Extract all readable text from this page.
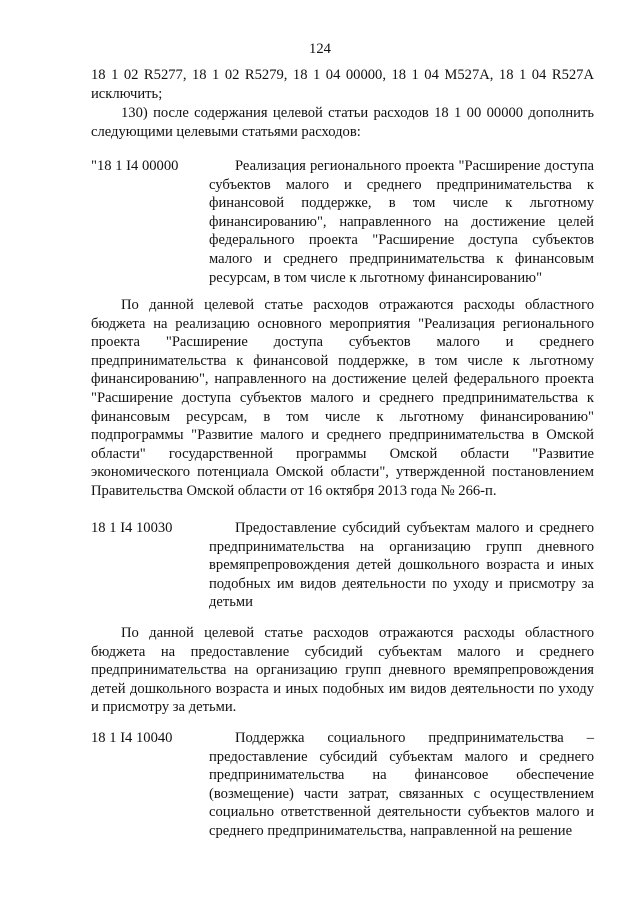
124

18 1 02 R5277, 18 1 02 R5279, 18 1 04 00000, 18 1 04 M527A, 18 1 04 R527A исключить;

130) после содержания целевой статьи расходов 18 1 00 00000 дополнить следующими целевыми статьями расходов:

"18 1 I4 00000	Реализация регионального проекта "Расширение доступа субъектов малого и среднего предпринимательства к финансовой поддержке, в том числе к льготному финансированию", направленного на достижение целей федерального проекта "Расширение доступа субъектов малого и среднего предпринимательства к финансовым ресурсам, в том числе к льготному финансированию"

По данной целевой статье расходов отражаются расходы областного бюджета на реализацию основного мероприятия "Реализация регионального проекта "Расширение доступа субъектов малого и среднего предпринимательства к финансовой поддержке, в том числе к льготному финансированию", направленного на достижение целей федерального проекта "Расширение доступа субъектов малого и среднего предпринимательства к финансовым ресурсам, в том числе к льготному финансированию" подпрограммы "Развитие малого и среднего предпринимательства в Омской области" государственной программы Омской области "Развитие экономического потенциала Омской области", утвержденной постановлением Правительства Омской области от 16 октября 2013 года № 266-п.

18 1 I4 10030	Предоставление субсидий субъектам малого и среднего предпринимательства на организацию групп дневного времяпрепровождения детей дошкольного возраста и иных подобных им видов деятельности по уходу и присмотру за детьми

По данной целевой статье расходов отражаются расходы областного бюджета на предоставление субсидий субъектам малого и среднего предпринимательства на организацию групп дневного времяпрепровождения детей дошкольного возраста и иных подобных им видов деятельности по уходу и присмотру за детьми.

18 1 I4 10040	Поддержка социального предпринимательства – предоставление субсидий субъектам малого и среднего предпринимательства на финансовое обеспечение (возмещение) части затрат, связанных с осуществлением социально ответственной деятельности субъектов малого и среднего предпринимательства, направленной на решение
